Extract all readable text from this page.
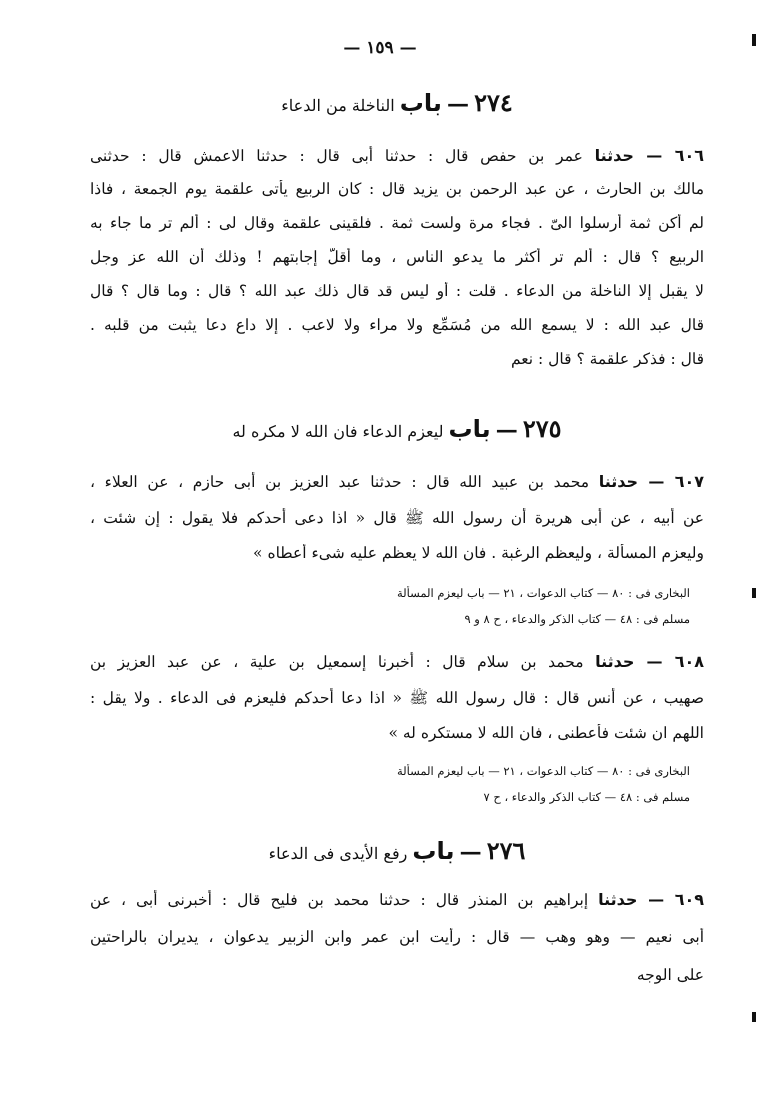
— ١٥٩ —
٢٧٤ — باب الناخلة من الدعاء
٦٠٦ — حدثنا عمر بن حفص قال : حدثنا أبى قال : حدثنا الاعمش قال : حدثنى
مالك بن الحارث ، عن عبد الرحمن بن يزيد قال : كان الربيع يأتى علقمة يوم الجمعة ، فاذا
لم أكن ثمة أرسلوا الىّ . فجاء مرة ولست ثمة . فلقينى علقمة وقال لى : ألم تر ما جاء به
الربيع ؟ قال : ألم تر أكثر ما يدعو الناس ، وما أقلّ إجابتهم ! وذلك أن الله عز وجل
لا يقبل إلا الناخلة من الدعاء . قلت : أو ليس قد قال ذلك عبد الله ؟ قال : وما قال ؟ قال
قال عبد الله : لا يسمع الله من مُسَمِّع ولا مراء ولا لاعب . إلا داع دعا يثبت من قلبه .
قال : فذكر علقمة ؟ قال : نعم
٢٧٥ — باب ليعزم الدعاء فان الله لا مكره له
٦٠٧ — حدثنا محمد بن عبيد الله قال : حدثنا عبد العزيز بن أبى حازم ، عن العلاء ،
عن أبيه ، عن أبى هريرة أن رسول الله ﷺ قال « اذا دعى أحدكم فلا يقول : إن شئت ،
وليعزم المسألة ، وليعظم الرغبة . فان الله لا يعظم عليه شىء أعطاه »
البخارى فى : ٨٠ — كتاب الدعوات ، ٢١ — باب ليعزم المسألة
مسلم فى : ٤٨ — كتاب الذكر والدعاء ، ح ٨ و ٩
٦٠٨ — حدثنا محمد بن سلام قال : أخبرنا إسمعيل بن علية ، عن عبد العزيز بن
صهيب ، عن أنس قال : قال رسول الله ﷺ « اذا دعا أحدكم فليعزم فى الدعاء . ولا يقل :
اللهم ان شئت فأعطنى ، فان الله لا مستكره له »
البخارى فى : ٨٠ — كتاب الدعوات ، ٢١ — باب ليعزم المسألة
مسلم فى : ٤٨ — كتاب الذكر والدعاء ، ح ٧
٢٧٦ — باب رفع الأيدى فى الدعاء
٦٠٩ — حدثنا إبراهيم بن المنذر قال : حدثنا محمد بن فليح قال : أخبرنى أبى ، عن
أبى نعيم — وهو وهب — قال : رأيت ابن عمر وابن الزبير يدعوان ، يديران بالراحتين
على الوجه
